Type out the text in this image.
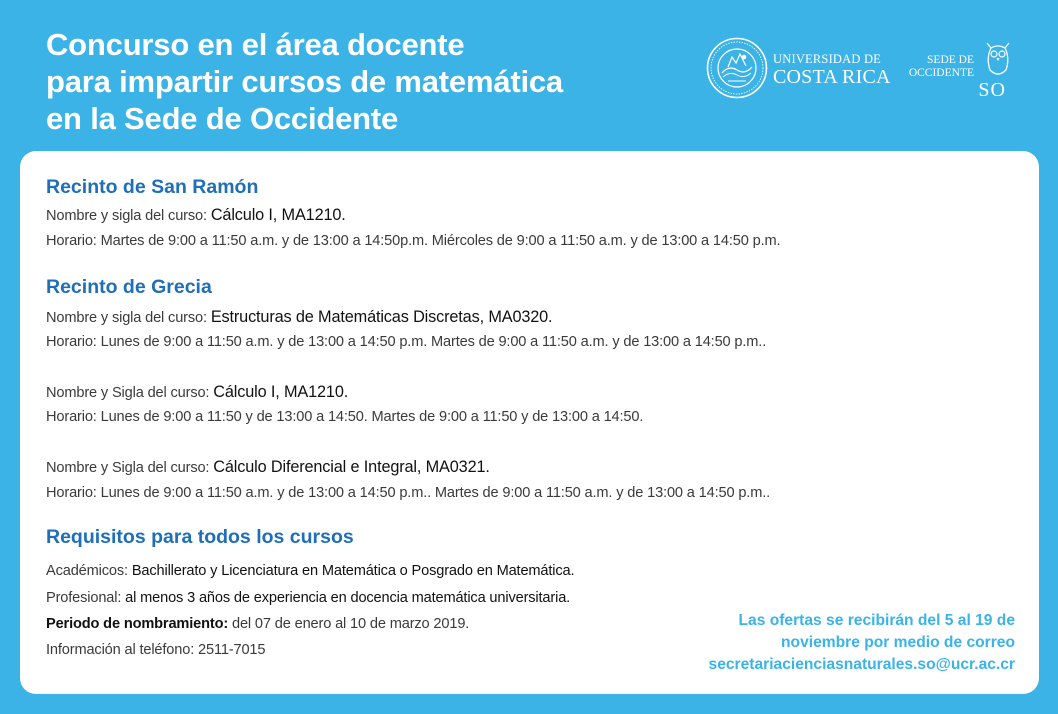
Concurso en el área docente
para impartir cursos de matemática
en la Sede de Occidente
UNIVERSIDAD DE
COSTA RICA
SEDE DE
OCCIDENTE
SO
Recinto de San Ramón
Nombre y sigla del curso: Cálculo I, MA1210.
Horario: Martes de 9:00 a 11:50 a.m. y de 13:00 a 14:50p.m. Miércoles de 9:00 a 11:50 a.m. y de 13:00 a 14:50 p.m.
Recinto de Grecia
Nombre y sigla del curso: Estructuras de Matemáticas Discretas, MA0320.
Horario: Lunes de 9:00 a 11:50 a.m. y de 13:00 a 14:50 p.m. Martes de 9:00 a 11:50 a.m. y de 13:00 a 14:50 p.m..
Nombre y Sigla del curso: Cálculo I, MA1210.
Horario: Lunes de 9:00 a 11:50 y de 13:00 a 14:50. Martes de 9:00 a 11:50 y de 13:00 a 14:50.
Nombre y Sigla del curso: Cálculo Diferencial e Integral, MA0321.
Horario: Lunes de 9:00 a 11:50 a.m. y de 13:00 a 14:50 p.m.. Martes de 9:00 a 11:50 a.m. y de 13:00 a 14:50 p.m..
Requisitos para todos los cursos
Académicos: Bachillerato y Licenciatura en Matemática o Posgrado en Matemática.
Profesional: al menos 3 años de experiencia en docencia matemática universitaria.
Periodo de nombramiento: del 07 de enero al 10 de marzo 2019.
Información al teléfono: 2511-7015
Las ofertas se recibirán del 5 al 19 de
noviembre por medio de correo
secretariacienciasnaturales.so@ucr.ac.cr
